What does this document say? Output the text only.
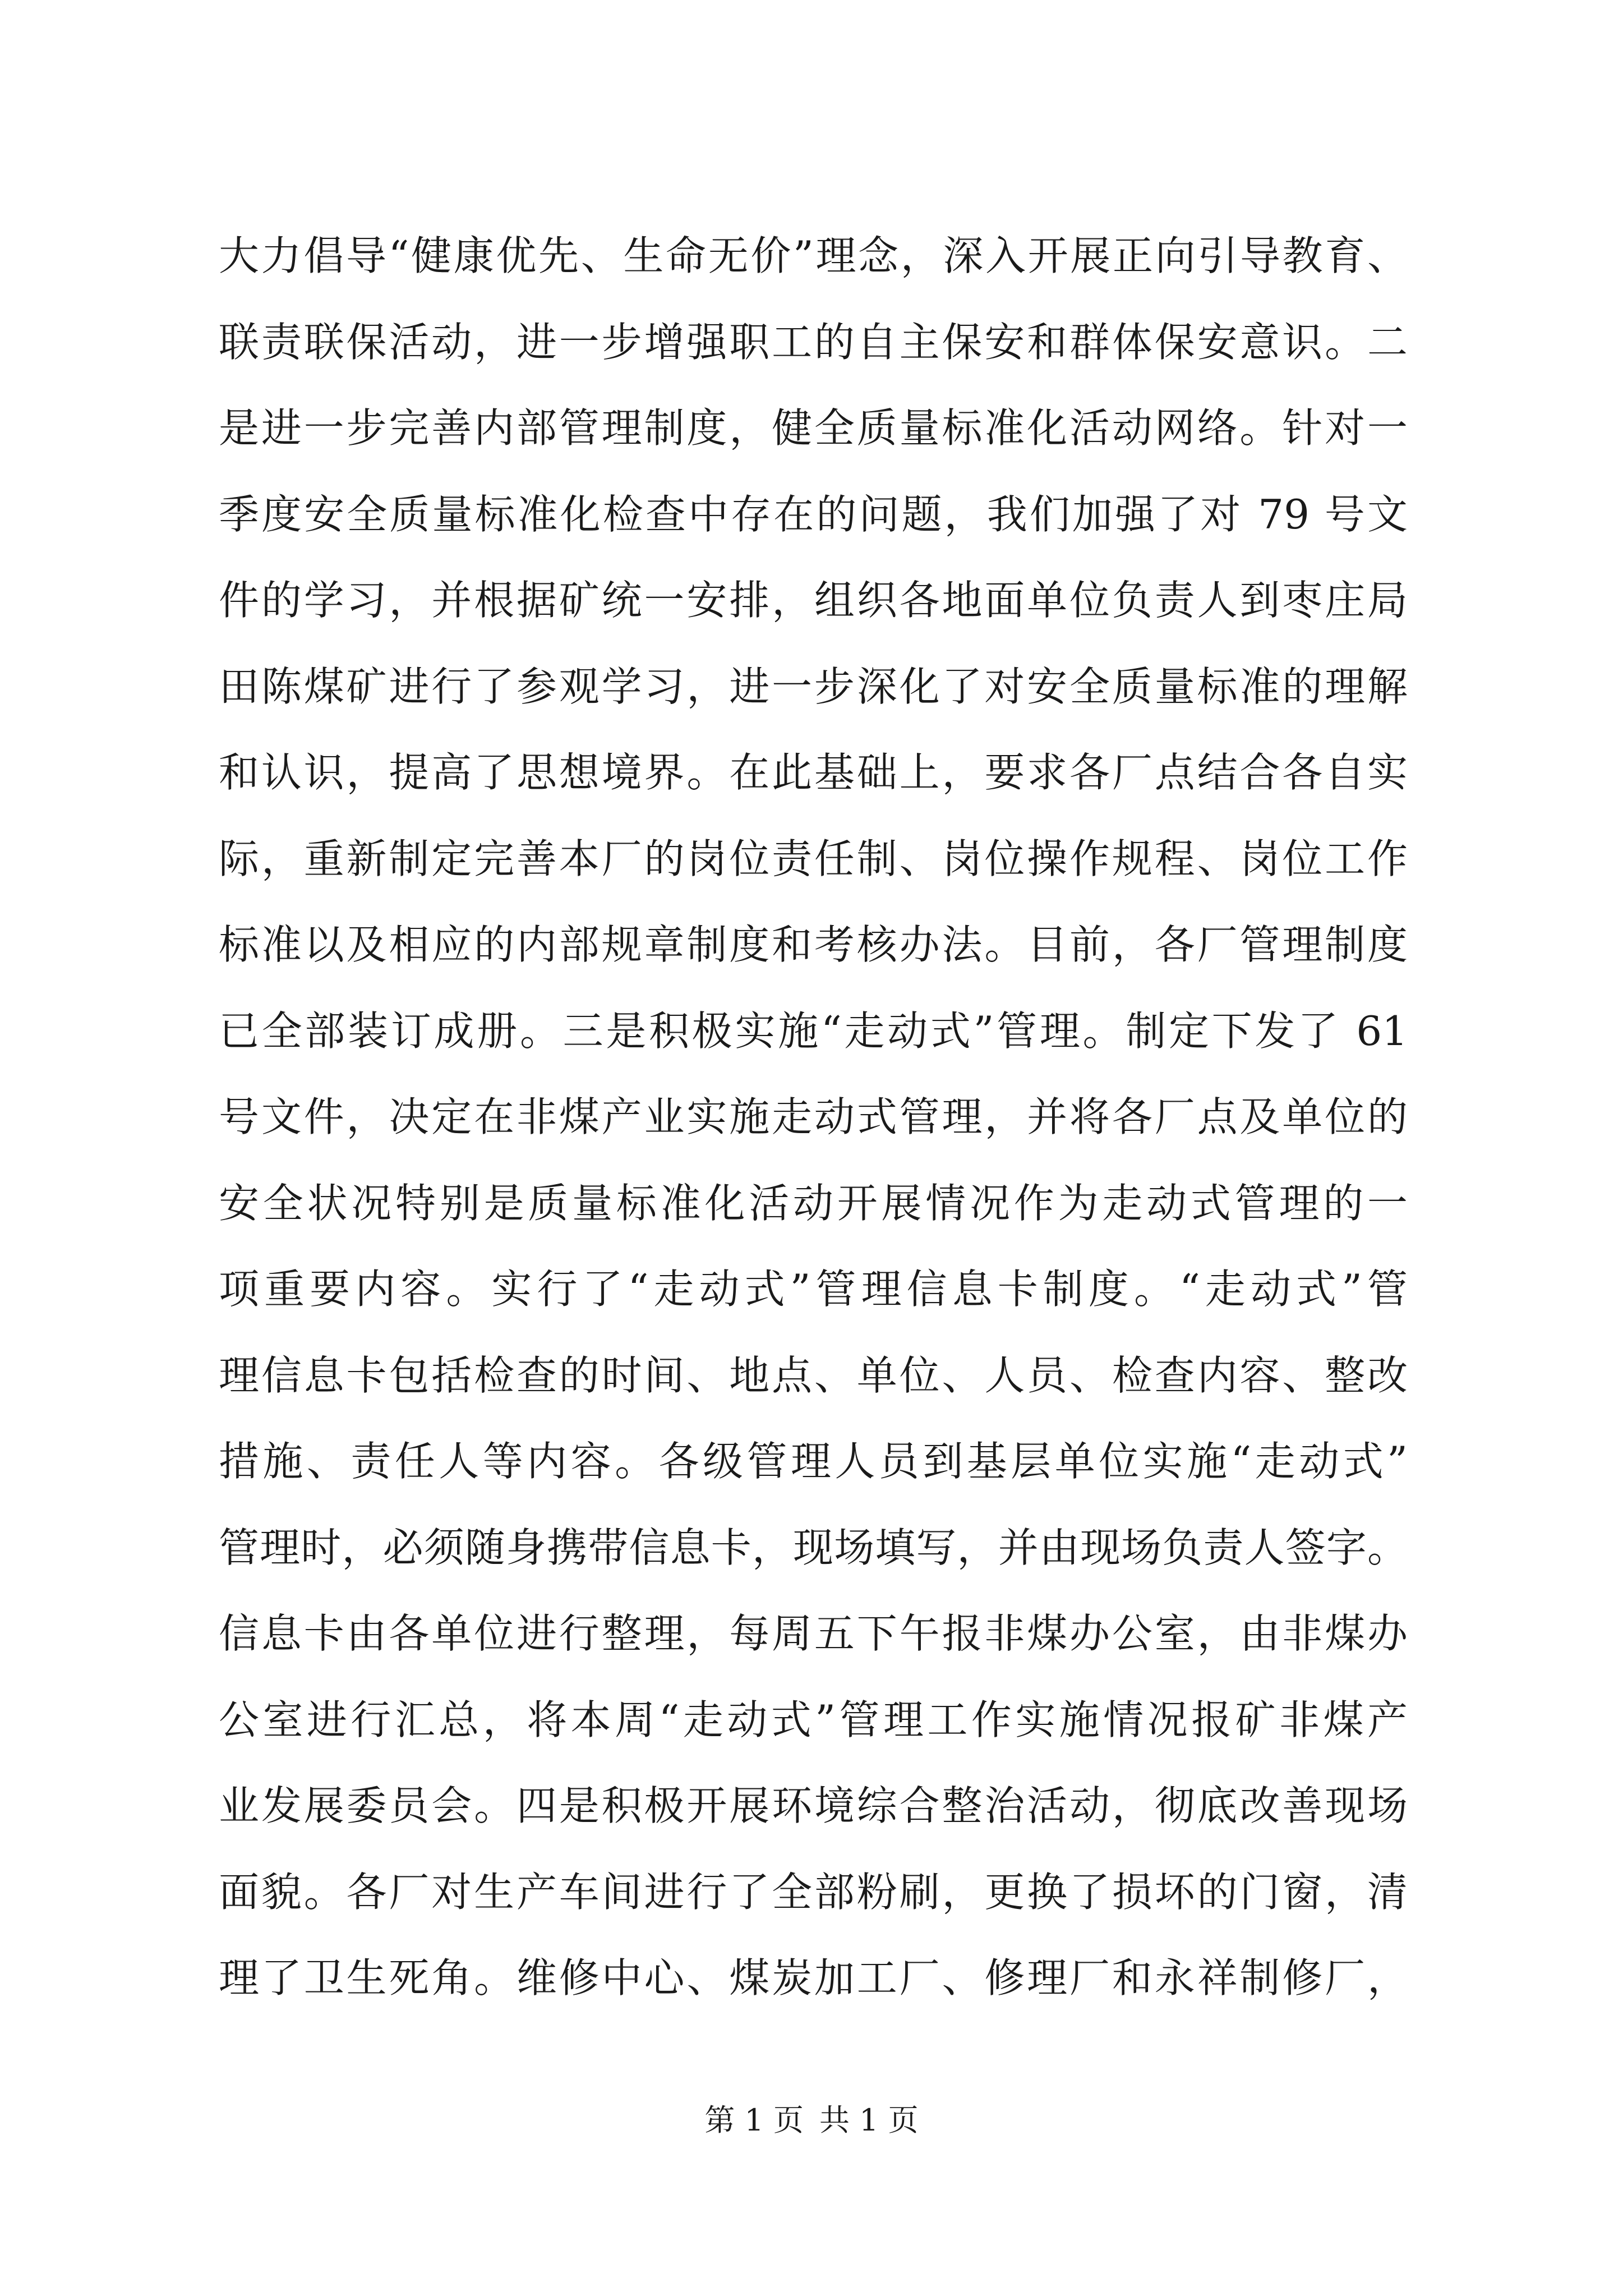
大力倡导“健康优先、生命无价”理念，深入开展正向引导教育、
联责联保活动，进一步增强职工的自主保安和群体保安意识。二
是进一步完善内部管理制度，健全质量标准化活动网络。针对一
季度安全质量标准化检查中存在的问题，我们加强了对 79 号文
件的学习，并根据矿统一安排，组织各地面单位负责人到枣庄局
田陈煤矿进行了参观学习，进一步深化了对安全质量标准的理解
和认识，提高了思想境界。在此基础上，要求各厂点结合各自实
际，重新制定完善本厂的岗位责任制、岗位操作规程、岗位工作
标准以及相应的内部规章制度和考核办法。目前，各厂管理制度
已全部装订成册。三是积极实施“走动式”管理。制定下发了 61
号文件，决定在非煤产业实施走动式管理，并将各厂点及单位的
安全状况特别是质量标准化活动开展情况作为走动式管理的一
项重要内容。实行了“走动式”管理信息卡制度。“走动式”管
理信息卡包括检查的时间、地点、单位、人员、检查内容、整改
措施、责任人等内容。各级管理人员到基层单位实施“走动式”
管理时，必须随身携带信息卡，现场填写，并由现场负责人签字。
信息卡由各单位进行整理，每周五下午报非煤办公室，由非煤办
公室进行汇总，将本周“走动式”管理工作实施情况报矿非煤产
业发展委员会。四是积极开展环境综合整治活动，彻底改善现场
面貌。各厂对生产车间进行了全部粉刷，更换了损坏的门窗，清
理了卫生死角。维修中心、煤炭加工厂、修理厂和永祥制修厂，
第 1 页 共 1 页
